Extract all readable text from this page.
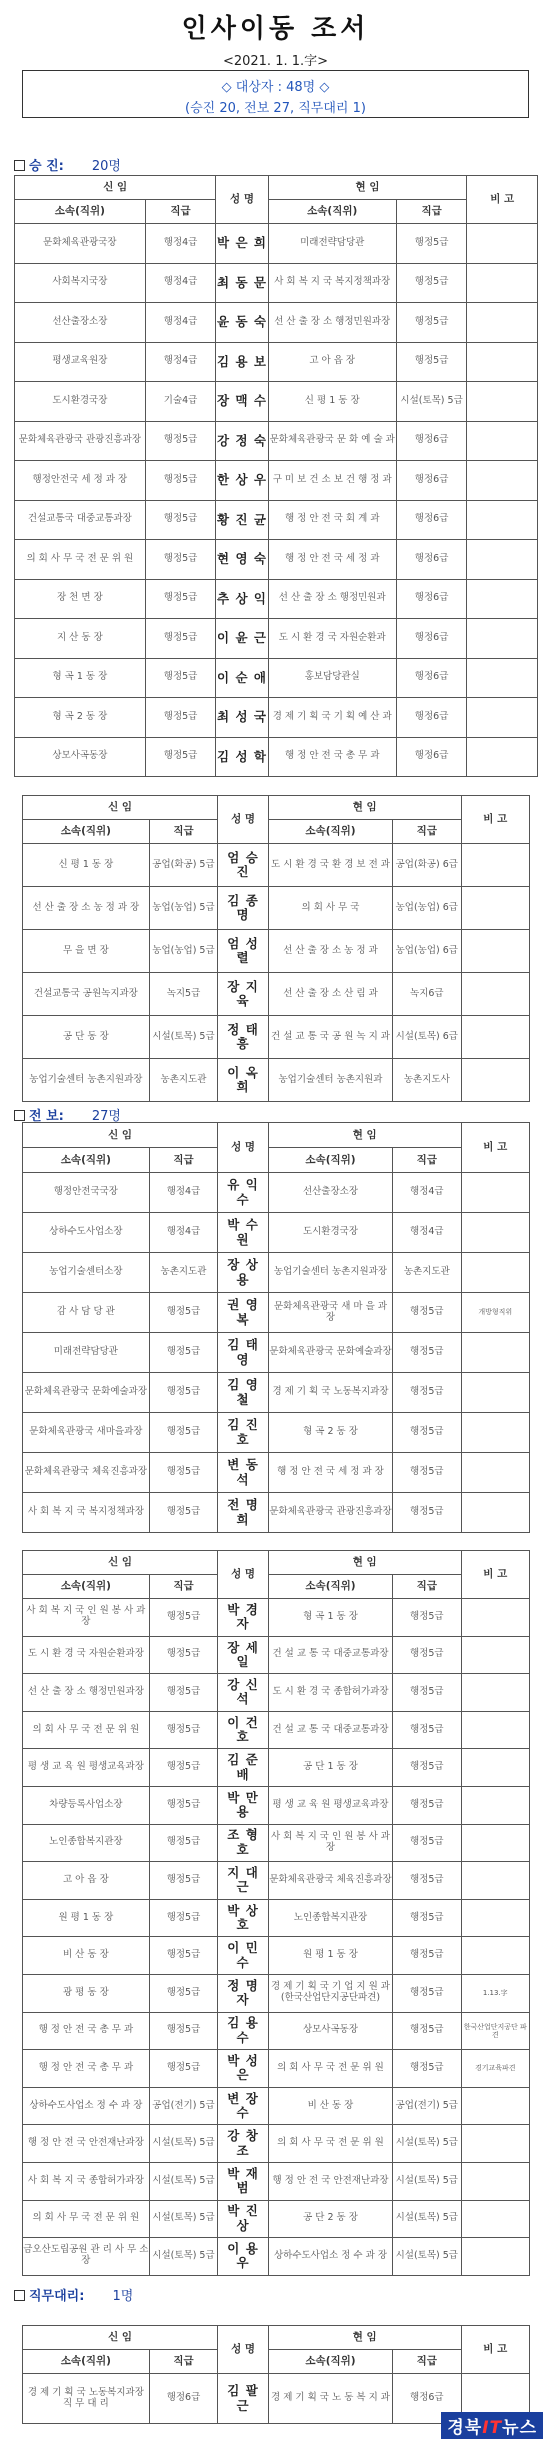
인사이동 조서
<2021. 1. 1.字>
◇ 대상자 : 48명 ◇
(승진 20, 전보 27, 직무대리 1)
승 진: 20명
신 임		성 명	현 임		비 고
소속(직위)	직급		소속(직위)	직급	
문화체육관광국장	행정4급	박 은 희	미래전략담당관	행정5급	
사회복지국장	행정4급	최 동 문	사 회 복 지 국 복지정책과장	행정5급	
선산출장소장	행정4급	윤 동 숙	선 산 출 장 소 행정민원과장	행정5급	
평생교육원장	행정4급	김 용 보	고 아 읍 장	행정5급	
도시환경국장	기술4급	장 맥 수	신 평 1 동 장	시설(토목) 5급	
문화체육관광국 관광진흥과장	행정5급	강 정 숙	문화체육관광국 문 화 예 술 과	행정6급	
행정안전국 세 정 과 장	행정5급	한 상 우	구 미 보 건 소 보 건 행 정 과	행정6급	
건설교통국 대중교통과장	행정5급	황 진 균	행 정 안 전 국 회 계 과	행정6급	
의 회 사 무 국 전 문 위 원	행정5급	현 영 숙	행 정 안 전 국 세 정 과	행정6급	
장 천 면 장	행정5급	추 상 익	선 산 출 장 소 행정민원과	행정6급	
지 산 동 장	행정5급	이 윤 근	도 시 환 경 국 자원순환과	행정6급	
형 곡 1 동 장	행정5급	이 순 애	홍보담당관실	행정6급	
형 곡 2 동 장	행정5급	최 성 국	경 제 기 획 국 기 획 예 산 과	행정6급	
상모사곡동장	행정5급	김 성 학	행 정 안 전 국 총 무 과	행정6급	
신 임		성 명	현 임		비 고
소속(직위)	직급		소속(직위)	직급	
신 평 1 동 장	공업(화공) 5급	엄 승 진	도 시 환 경 국 환 경 보 전 과	공업(화공) 6급	
선 산 출 장 소 농 정 과 장	농업(농업) 5급	김 종 명	의 회 사 무 국	농업(농업) 6급	
무 을 면 장	농업(농업) 5급	엄 성 렬	선 산 출 장 소 농 정 과	농업(농업) 6급	
건설교통국 공원녹지과장	녹지5급	장 지 육	선 산 출 장 소 산 림 과	녹지6급	
공 단 동 장	시설(토목) 5급	정 태 흥	건 설 교 통 국 공 원 녹 지 과	시설(토목) 6급	
농업기술센터 농촌지원과장	농촌지도관	이 옥 희	농업기술센터 농촌지원과	농촌지도사	
전 보: 27명
신 임		성 명	현 임		비 고
소속(직위)	직급		소속(직위)	직급	
행정안전국국장	행정4급	유 익 수	선산출장소장	행정4급	
상하수도사업소장	행정4급	박 수 원	도시환경국장	행정4급	
농업기술센터소장	농촌지도관	장 상 용	농업기술센터 농촌지원과장	농촌지도관	
감 사 담 당 관	행정5급	권 영 복	문화체육관광국 새 마 을 과 장	행정5급	개방형직위
미래전략담당관	행정5급	김 태 영	문화체육관광국 문화예술과장	행정5급	
문화체육관광국 문화예술과장	행정5급	김 영 철	경 제 기 획 국 노동복지과장	행정5급	
문화체육관광국 새마을과장	행정5급	김 진 호	형 곡 2 동 장	행정5급	
문화체육관광국 체육진흥과장	행정5급	변 동 석	행 정 안 전 국 세 정 과 장	행정5급	
사 회 복 지 국 복지정책과장	행정5급	전 명 희	문화체육관광국 관광진흥과장	행정5급	
신 임		성 명	현 임		비 고
소속(직위)	직급		소속(직위)	직급	
사 회 복 지 국 인 원 봉 사 과 장	행정5급	박 경 자	형 곡 1 동 장	행정5급	
도 시 환 경 국 자원순환과장	행정5급	장 세 일	건 설 교 통 국 대중교통과장	행정5급	
선 산 출 장 소 행정민원과장	행정5급	강 신 석	도 시 환 경 국 종합허가과장	행정5급	
의 회 사 무 국 전 문 위 원	행정5급	이 건 호	건 설 교 통 국 대중교통과장	행정5급	
평 생 교 육 원 평생교육과장	행정5급	김 준 배	공 단 1 동 장	행정5급	
차량등록사업소장	행정5급	박 만 용	평 생 교 육 원 평생교육과장	행정5급	
노인종합복지관장	행정5급	조 형 호	사 회 복 지 국 인 원 봉 사 과 장	행정5급	
고 아 읍 장	행정5급	지 대 근	문화체육관광국 체육진흥과장	행정5급	
원 평 1 동 장	행정5급	박 상 호	노인종합복지관장	행정5급	
비 산 동 장	행정5급	이 민 수	원 평 1 동 장	행정5급	
광 평 동 장	행정5급	정 명 자	경 제 기 획 국 기 업 지 원 과 (한국산업단지공단파견)	행정5급	1.13.字
행 정 안 전 국 총 무 과	행정5급	김 용 수	상모사곡동장	행정5급	한국산업단지공단 파견
행 정 안 전 국 총 무 과	행정5급	박 성 은	의 회 사 무 국 전 문 위 원	행정5급	경기교육파견
상하수도사업소 정 수 과 장	공업(전기) 5급	변 장 수	비 산 동 장	공업(전기) 5급	
행 정 안 전 국 안전재난과장	시설(토목) 5급	강 창 조	의 회 사 무 국 전 문 위 원	시설(토목) 5급	
사 회 복 지 국 종합허가과장	시설(토목) 5급	박 재 범	행 정 안 전 국 안전재난과장	시설(토목) 5급	
의 회 사 무 국 전 문 위 원	시설(토목) 5급	박 진 상	공 단 2 동 장	시설(토목) 5급	
금오산도립공원 관 리 사 무 소 장	시설(토목) 5급	이 용 우	상하수도사업소 정 수 과 장	시설(토목) 5급	
직무대리: 1명
신 임		성 명	현 임		비 고
소속(직위)	직급		소속(직위)	직급	
경 제 기 획 국 노동복지과장 직 무 대 리	행정6급	김 팔 근	경 제 기 획 국 노 동 복 지 과	행정6급	
경북IT뉴스
